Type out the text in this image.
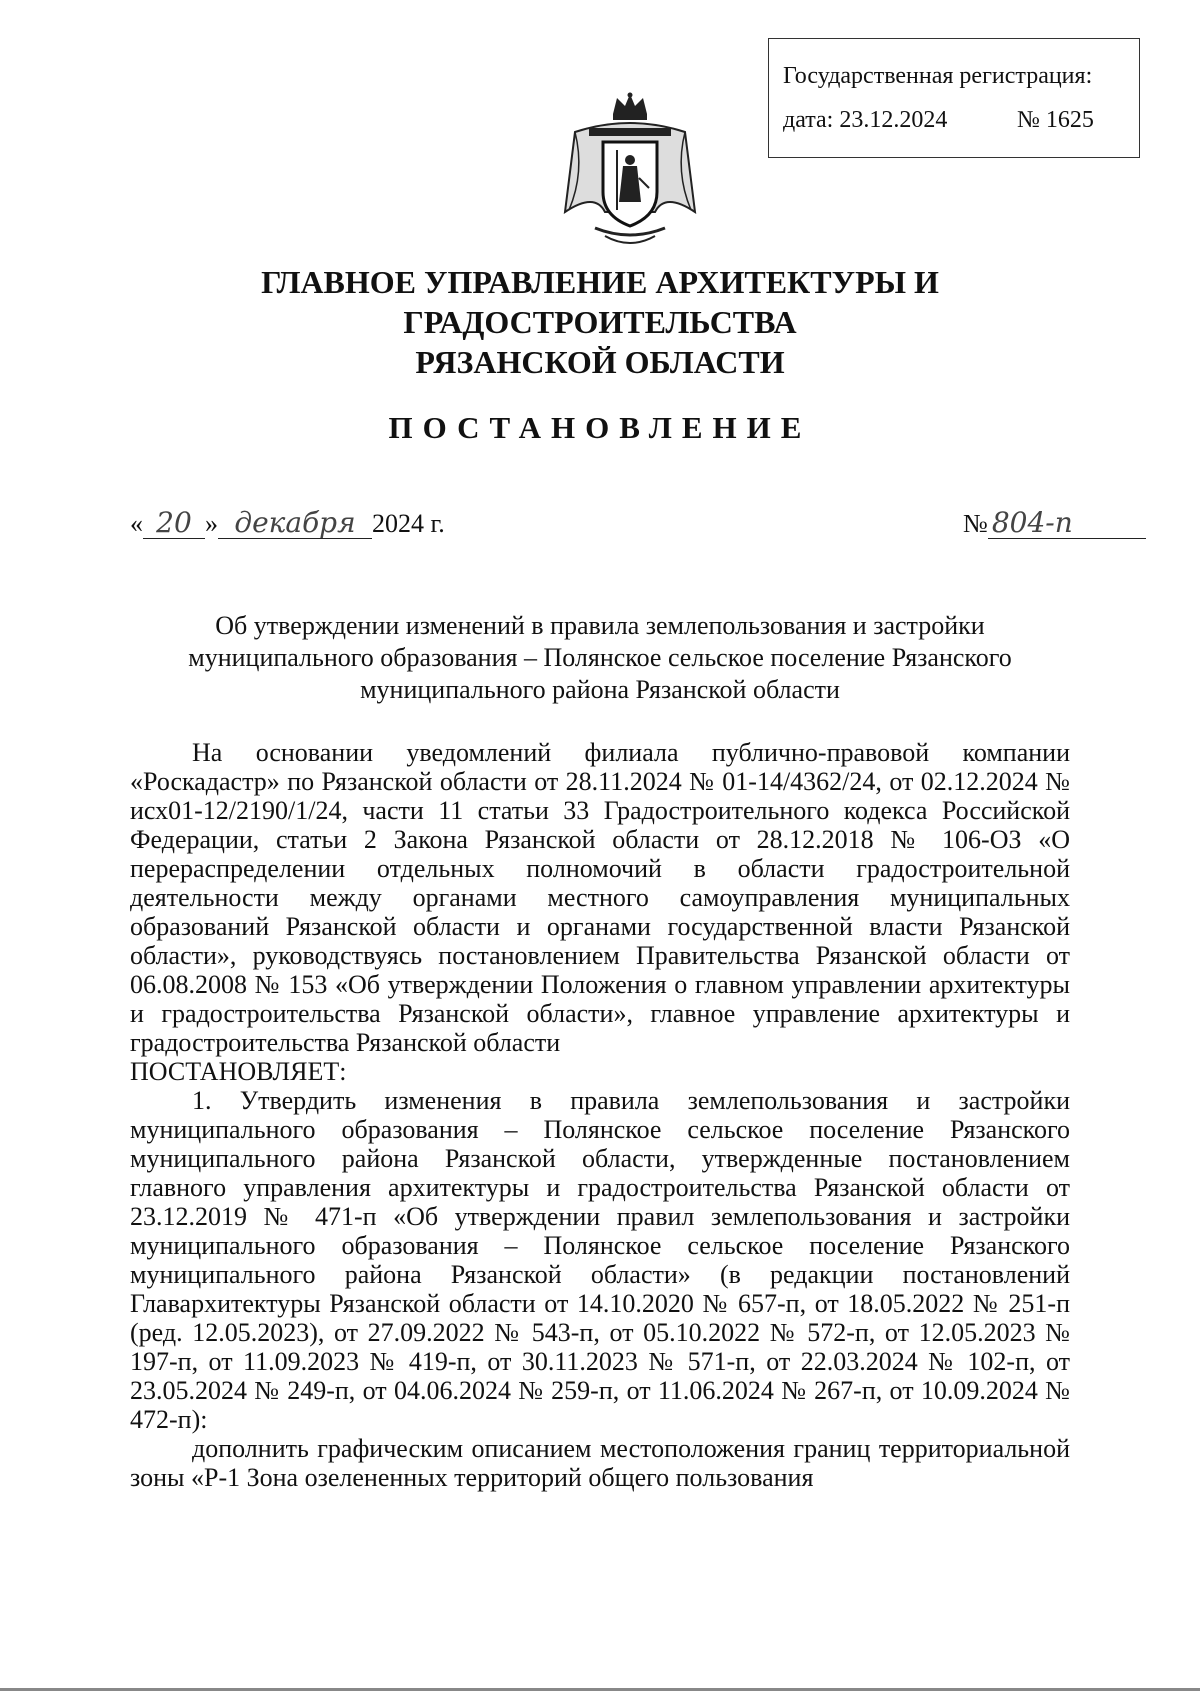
Государственная регистрация:
дата: 23.12.2024	№ 1625
ГЛАВНОЕ УПРАВЛЕНИЕ АРХИТЕКТУРЫ И ГРАДОСТРОИТЕЛЬСТВА
РЯЗАНСКОЙ ОБЛАСТИ
ПОСТАНОВЛЕНИЕ
« 20 » декабря 2024 г.	№ 804-п
Об утверждении изменений в правила землепользования и застройки
муниципального образования – Полянское сельское поселение Рязанского
муниципального района Рязанской области

На основании уведомлений филиала публично-правовой компании «Роскадастр» по Рязанской области от 28.11.2024 № 01-14/4362/24, от 02.12.2024 № исх01-12/2190/1/24, части 11 статьи 33 Градостроительного кодекса Российской Федерации, статьи 2 Закона Рязанской области от 28.12.2018 № 106-ОЗ «О перераспределении отдельных полномочий в области градостроительной деятельности между органами местного самоуправления муниципальных образований Рязанской области и органами государственной власти Рязанской области», руководствуясь постановлением Правительства Рязанской области от 06.08.2008 № 153 «Об утверждении Положения о главном управлении архитектуры и градостроительства Рязанской области», главное управление архитектуры и градостроительства Рязанской области

ПОСТАНОВЛЯЕТ:

1. Утвердить изменения в правила землепользования и застройки муниципального образования – Полянское сельское поселение Рязанского муниципального района Рязанской области, утвержденные постановлением главного управления архитектуры и градостроительства Рязанской области от 23.12.2019 № 471-п «Об утверждении правил землепользования и застройки муниципального образования – Полянское сельское поселение Рязанского муниципального района Рязанской области» (в редакции постановлений Главархитектуры Рязанской области от 14.10.2020 № 657-п, от 18.05.2022 № 251-п (ред. 12.05.2023), от 27.09.2022 № 543-п, от 05.10.2022 № 572-п, от 12.05.2023 № 197-п, от 11.09.2023 № 419-п, от 30.11.2023 № 571-п, от 22.03.2024 № 102-п, от 23.05.2024 № 249-п, от 04.06.2024 № 259-п, от 11.06.2024 № 267-п, от 10.09.2024 № 472-п):

дополнить графическим описанием местоположения границ территориальной зоны «Р-1 Зона озелененных территорий общего пользования
